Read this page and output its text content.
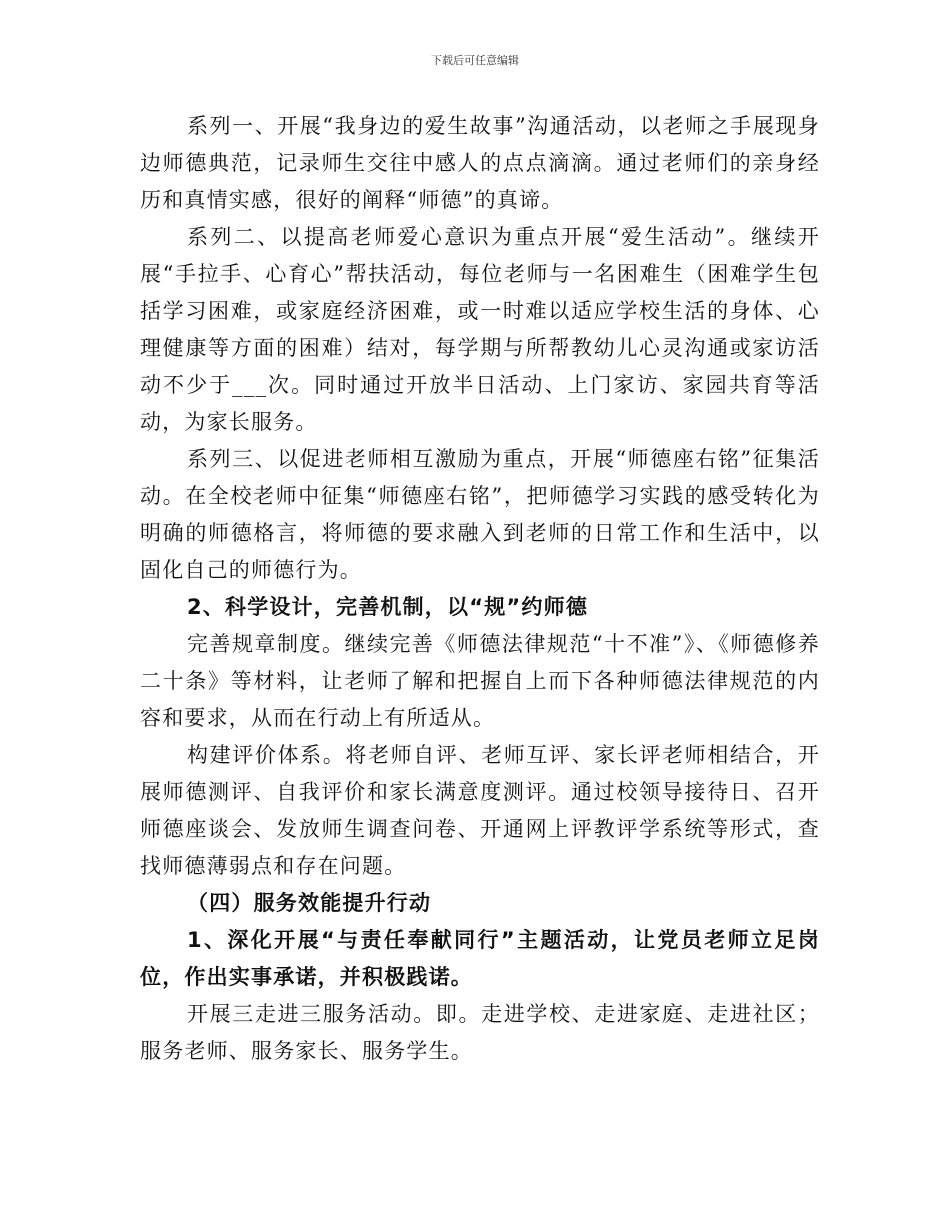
下载后可任意编辑

系列一、开展“我身边的爱生故事”沟通活动，以老师之手展现身边师德典范，记录师生交往中感人的点点滴滴。通过老师们的亲身经历和真情实感，很好的阐释“师德”的真谛。

系列二、以提高老师爱心意识为重点开展“爱生活动”。继续开展“手拉手、心育心”帮扶活动，每位老师与一名困难生（困难学生包括学习困难，或家庭经济困难，或一时难以适应学校生活的身体、心理健康等方面的困难）结对，每学期与所帮教幼儿心灵沟通或家访活动不少于___次。同时通过开放半日活动、上门家访、家园共育等活动，为家长服务。

系列三、以促进老师相互激励为重点，开展“师德座右铭”征集活动。在全校老师中征集“师德座右铭”，把师德学习实践的感受转化为明确的师德格言，将师德的要求融入到老师的日常工作和生活中，以固化自己的师德行为。

2、科学设计，完善机制，以“规”约师德

完善规章制度。继续完善《师德法律规范“十不准”》、《师德修养二十条》等材料，让老师了解和把握自上而下各种师德法律规范的内容和要求，从而在行动上有所适从。

构建评价体系。将老师自评、老师互评、家长评老师相结合，开展师德测评、自我评价和家长满意度测评。通过校领导接待日、召开师德座谈会、发放师生调查问卷、开通网上评教评学系统等形式，查找师德薄弱点和存在问题。

（四）服务效能提升行动

1、深化开展“与责任奉献同行”主题活动，让党员老师立足岗位，作出实事承诺，并积极践诺。

开展三走进三服务活动。即。走进学校、走进家庭、走进社区；服务老师、服务家长、服务学生。
